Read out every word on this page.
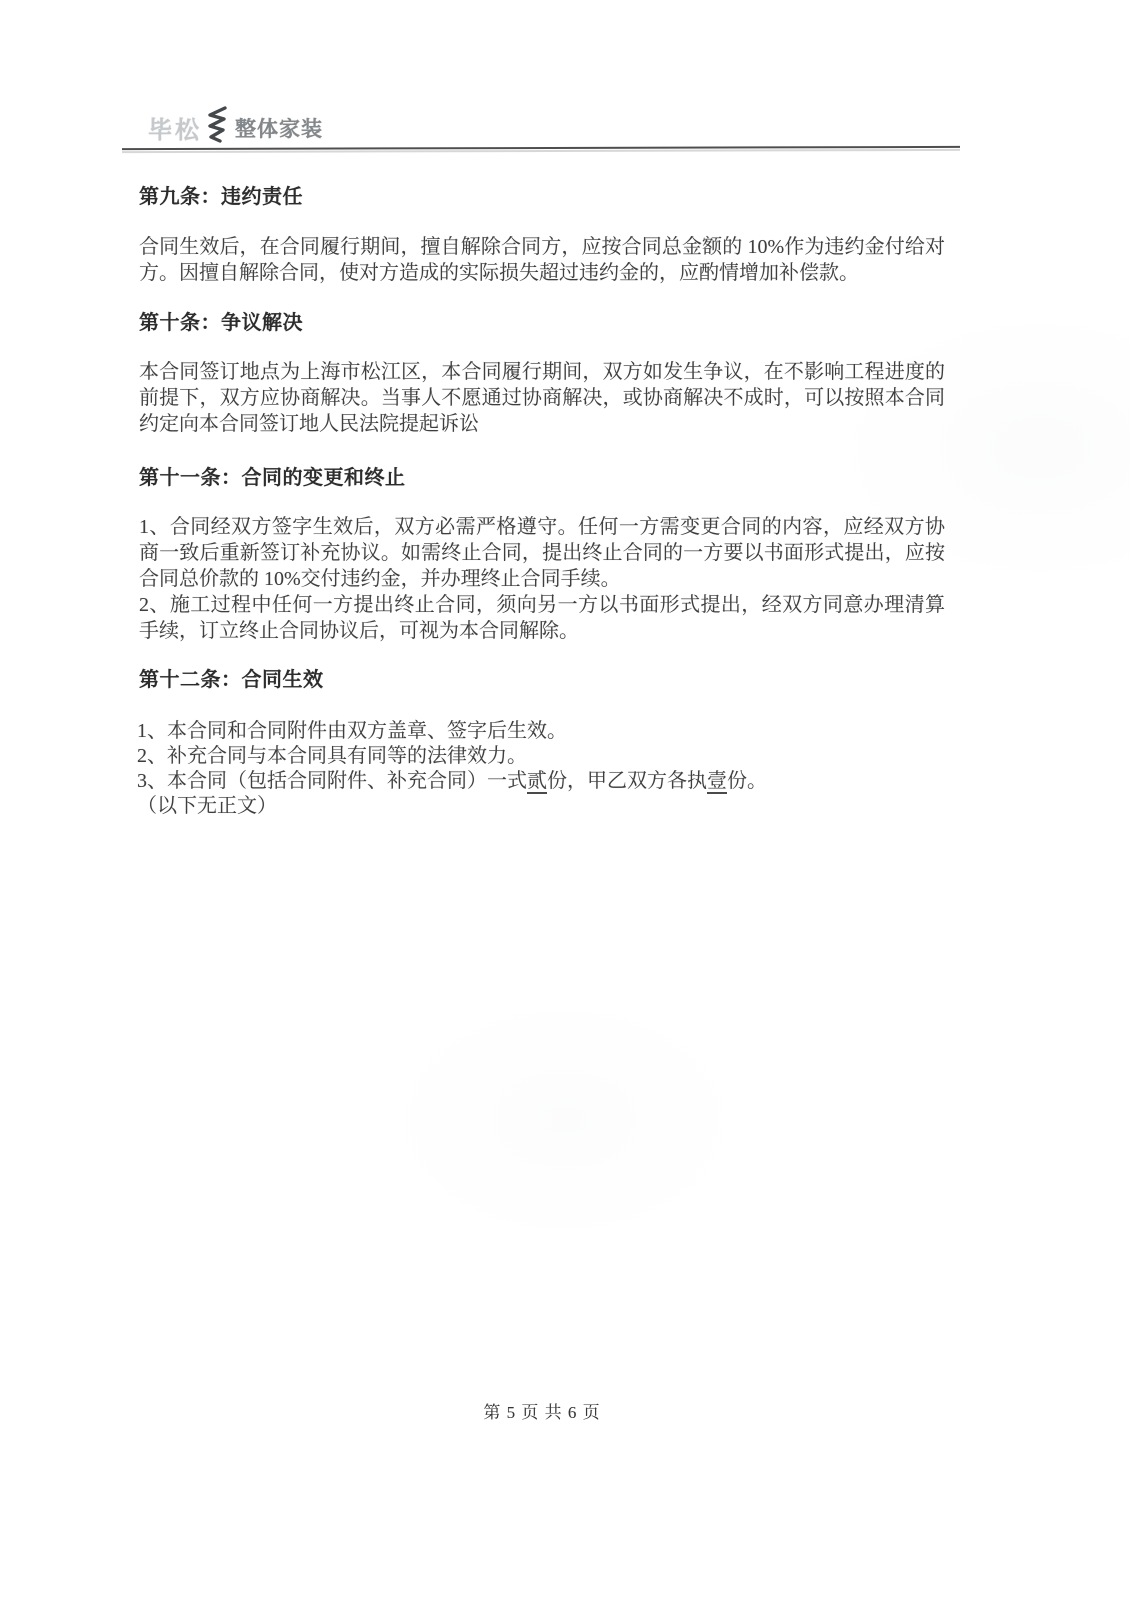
毕松 整体家装
第九条：违约责任
合同生效后，在合同履行期间，擅自解除合同方，应按合同总金额的 10%作为违约金付给对方。因擅自解除合同，使对方造成的实际损失超过违约金的，应酌情增加补偿款。
第十条：争议解决
本合同签订地点为上海市松江区，本合同履行期间，双方如发生争议，在不影响工程进度的前提下，双方应协商解决。当事人不愿通过协商解决，或协商解决不成时，可以按照本合同约定向本合同签订地人民法院提起诉讼
第十一条：合同的变更和终止
1、合同经双方签字生效后，双方必需严格遵守。任何一方需变更合同的内容，应经双方协商一致后重新签订补充协议。如需终止合同，提出终止合同的一方要以书面形式提出，应按合同总价款的 10%交付违约金，并办理终止合同手续。
2、施工过程中任何一方提出终止合同，须向另一方以书面形式提出，经双方同意办理清算手续，订立终止合同协议后，可视为本合同解除。
第十二条：合同生效
1、本合同和合同附件由双方盖章、签字后生效。
2、补充合同与本合同具有同等的法律效力。
3、本合同（包括合同附件、补充合同）一式贰份，甲乙双方各执壹份。
（以下无正文）
第 5 页 共 6 页
